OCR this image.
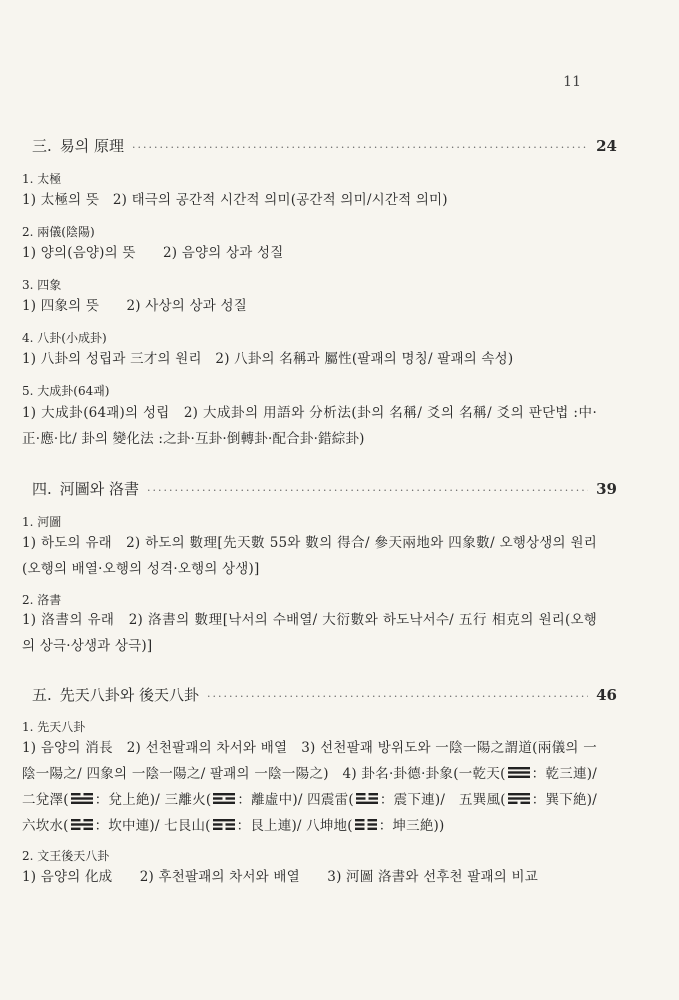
11
三. 易의 原理 ·····	24
1. 太極
1) 太極의 뜻　2) 태극의 공간적 시간적 의미(공간적 의미/시간적 의미)
2. 兩儀(陰陽)
1) 양의(음양)의 뜻　　2) 음양의 상과 성질
3. 四象
1) 四象의 뜻　　2) 사상의 상과 성질
4. 八卦(小成卦)
1) 八卦의 성립과 三才의 원리　2) 八卦의 名稱과 屬性(팔괘의 명칭/ 팔괘의 속성)
5. 大成卦(64괘)
1) 大成卦(64괘)의 성립　2) 大成卦의 用語와 分析法(卦의 名稱/ 爻의 名稱/ 爻의 판단법 :中·正·應·比/ 卦의 變化法 :之卦·互卦·倒轉卦·配合卦·錯綜卦)
四. 河圖와 洛書 ·····	39
1. 河圖
1) 하도의 유래　2) 하도의 數理[先天數 55와 數의 得合/ 參天兩地와 四象數/ 오행상생의 원리(오행의 배열·오행의 성격·오행의 상생)]
2. 洛書
1) 洛書의 유래　2) 洛書의 數理[낙서의 수배열/ 大衍數와 하도낙서수/ 五行 相克의 원리(오행의 상극·상생과 상극)]
五. 先天八卦와 後天八卦 ·····	46
1. 先天八卦
1) 음양의 消長　2) 선천팔괘의 차서와 배열　3) 선천팔괘 방위도와 一陰一陽之謂道(兩儀의 一陰一陽之/ 四象의 一陰一陽之/ 팔괘의 一陰一陽之)　4) 卦名·卦德·卦象(一乾天( ：乾三連)/ 二兌澤( ：兌上絶)/ 三離火( ：離虛中)/ 四震雷( ：震下連)/　五巽風( ：巽下絶)/ 六坎水( ：坎中連)/ 七艮山( ：艮上連)/ 八坤地( ：坤三絶))
2. 文王後天八卦
1) 음양의 化成　　2) 후천팔괘의 차서와 배열　　3) 河圖 洛書와 선후천 팔괘의 비교
